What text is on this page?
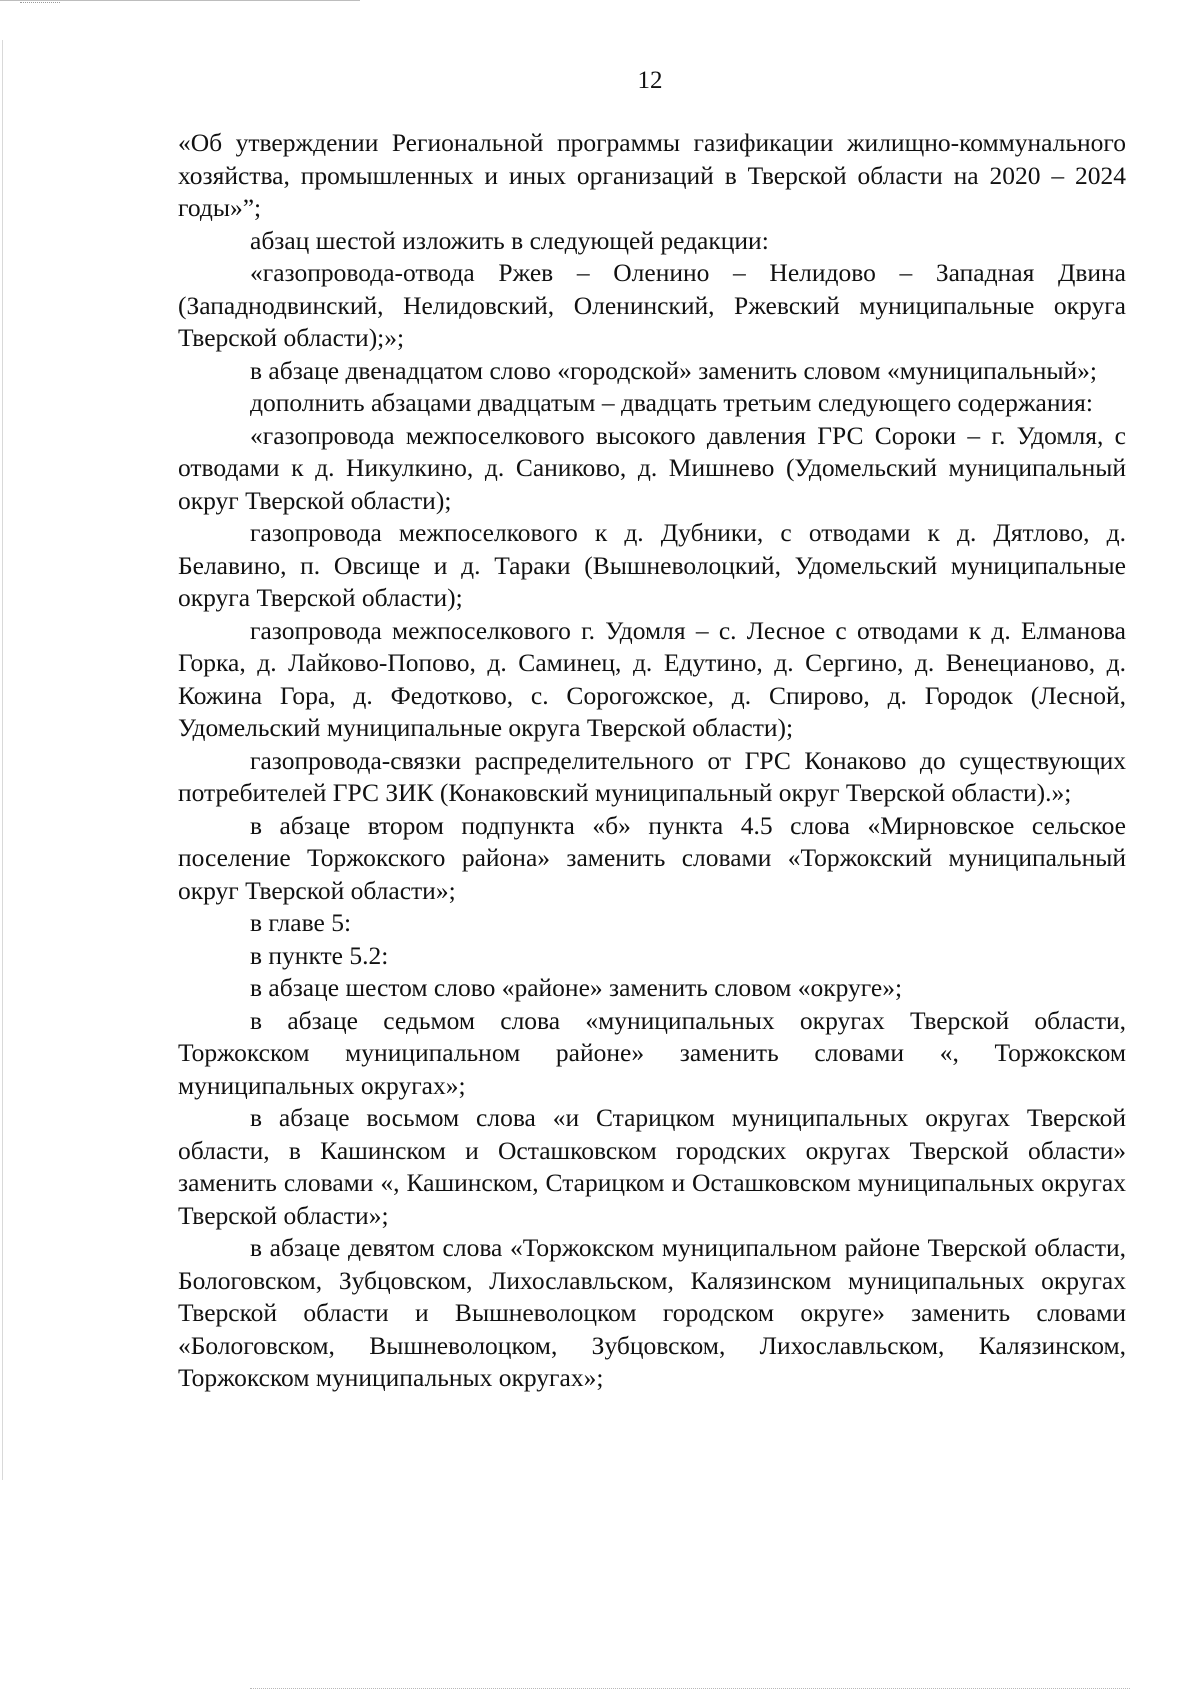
12

«Об утверждении Региональной программы газификации жилищно-коммунального хозяйства, промышленных и иных организаций в Тверской области на 2020 – 2024 годы»”;

абзац шестой изложить в следующей редакции:

«газопровода-отвода Ржев – Оленино – Нелидово – Западная Двина (Западнодвинский, Нелидовский, Оленинский, Ржевский муниципальные округа Тверской области);»;

в абзаце двенадцатом слово «городской» заменить словом «муниципальный»;

дополнить абзацами двадцатым – двадцать третьим следующего содержания:

«газопровода межпоселкового высокого давления ГРС Сороки – г. Удомля, с отводами к д. Никулкино, д. Саниково, д. Мишнево (Удомельский муниципальный округ Тверской области);

газопровода межпоселкового к д. Дубники, с отводами к д. Дятлово, д. Белавино, п. Овсище и д. Тараки (Вышневолоцкий, Удомельский муниципальные округа Тверской области);

газопровода межпоселкового г. Удомля – с. Лесное с отводами к д. Елманова Горка, д. Лайково-Попово, д. Саминец, д. Едутино, д. Сергино, д. Венецианово, д. Кожина Гора, д. Федотково, с. Сорогожское, д. Спирово, д. Городок (Лесной, Удомельский муниципальные округа Тверской области);

газопровода-связки распределительного от ГРС Конаково до существующих потребителей ГРС ЗИК (Конаковский муниципальный округ Тверской области).»;

в абзаце втором подпункта «б» пункта 4.5 слова «Мирновское сельское поселение Торжокского района» заменить словами «Торжокский муниципальный округ Тверской области»;

в главе 5:

в пункте 5.2:

в абзаце шестом слово «районе» заменить словом «округе»;

в абзаце седьмом слова «муниципальных округах Тверской области, Торжокском муниципальном районе» заменить словами «, Торжокском муниципальных округах»;

в абзаце восьмом слова «и Старицком муниципальных округах Тверской области, в Кашинском и Осташковском городских округах Тверской области» заменить словами «, Кашинском, Старицком и Осташковском муниципальных округах Тверской области»;

в абзаце девятом слова «Торжокском муниципальном районе Тверской области, Бологовском, Зубцовском, Лихославльском, Калязинском муниципальных округах Тверской области и Вышневолоцком городском округе» заменить словами «Бологовском, Вышневолоцком, Зубцовском, Лихославльском, Калязинском, Торжокском муниципальных округах»;
